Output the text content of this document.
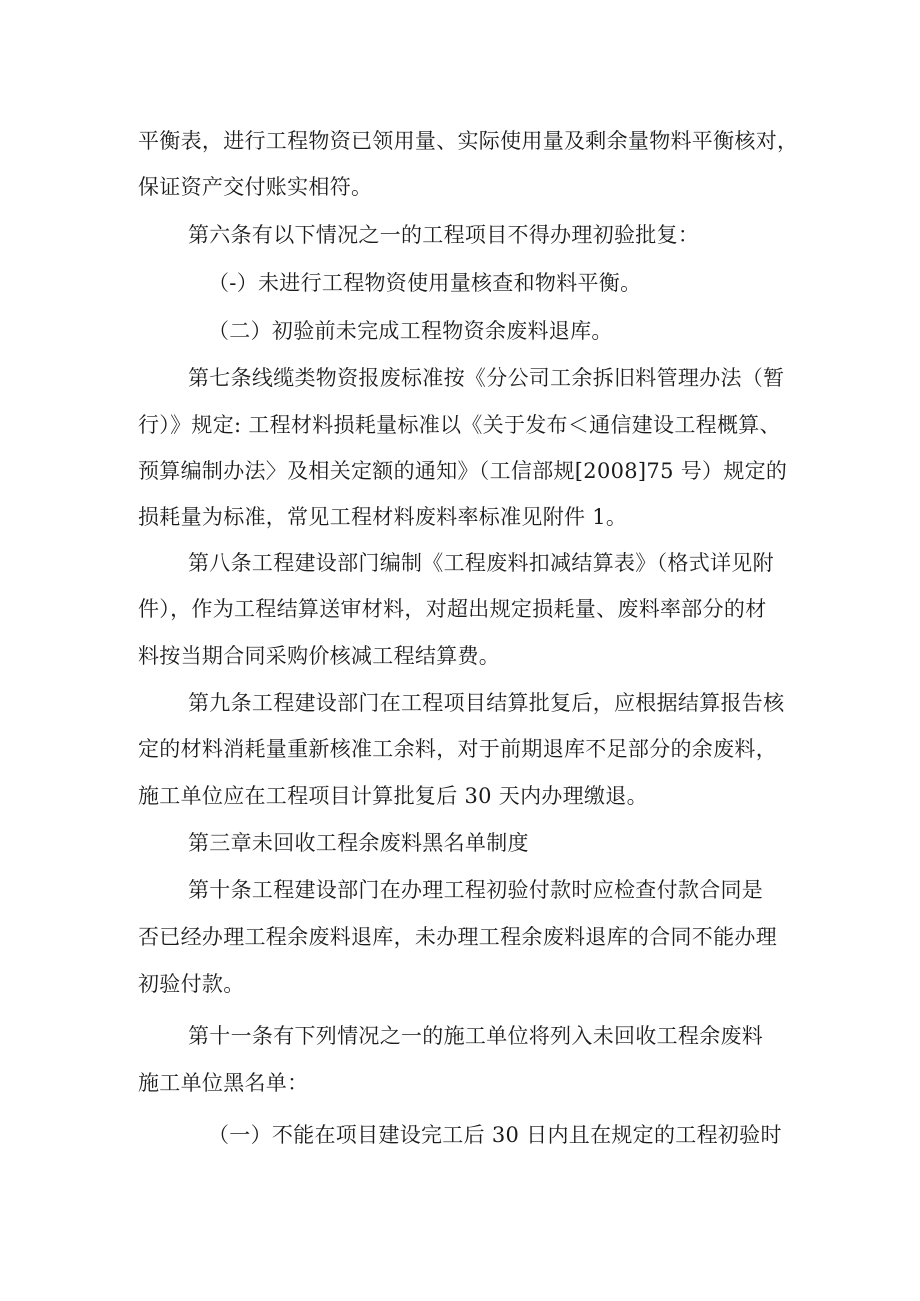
平衡表，进行工程物资已领用量、实际使用量及剩余量物料平衡核对，
保证资产交付账实相符。
第六条有以下情况之一的工程项目不得办理初验批复：
（-）未进行工程物资使用量核查和物料平衡。
（二）初验前未完成工程物资余废料退库。
第七条线缆类物资报废标准按《分公司工余拆旧料管理办法（暂
行）》规定: 工程材料损耗量标准以《关于发布＜通信建设工程概算、
预算编制办法〉及相关定额的通知》（工信部规[2008]75 号）规定的
损耗量为标准，常见工程材料废料率标准见附件 1。
第八条工程建设部门编制《工程废料扣减结算表》（格式详见附
件），作为工程结算送审材料，对超出规定损耗量、废料率部分的材
料按当期合同采购价核减工程结算费。
第九条工程建设部门在工程项目结算批复后，应根据结算报告核
定的材料消耗量重新核准工余料，对于前期退库不足部分的余废料，
施工单位应在工程项目计算批复后 30 天内办理缴退。
第三章未回收工程余废料黑名单制度
第十条工程建设部门在办理工程初验付款时应检查付款合同是
否已经办理工程余废料退库，未办理工程余废料退库的合同不能办理
初验付款。
第十一条有下列情况之一的施工单位将列入未回收工程余废料
施工单位黑名单：
（一）不能在项目建设完工后 30 日内且在规定的工程初验时
